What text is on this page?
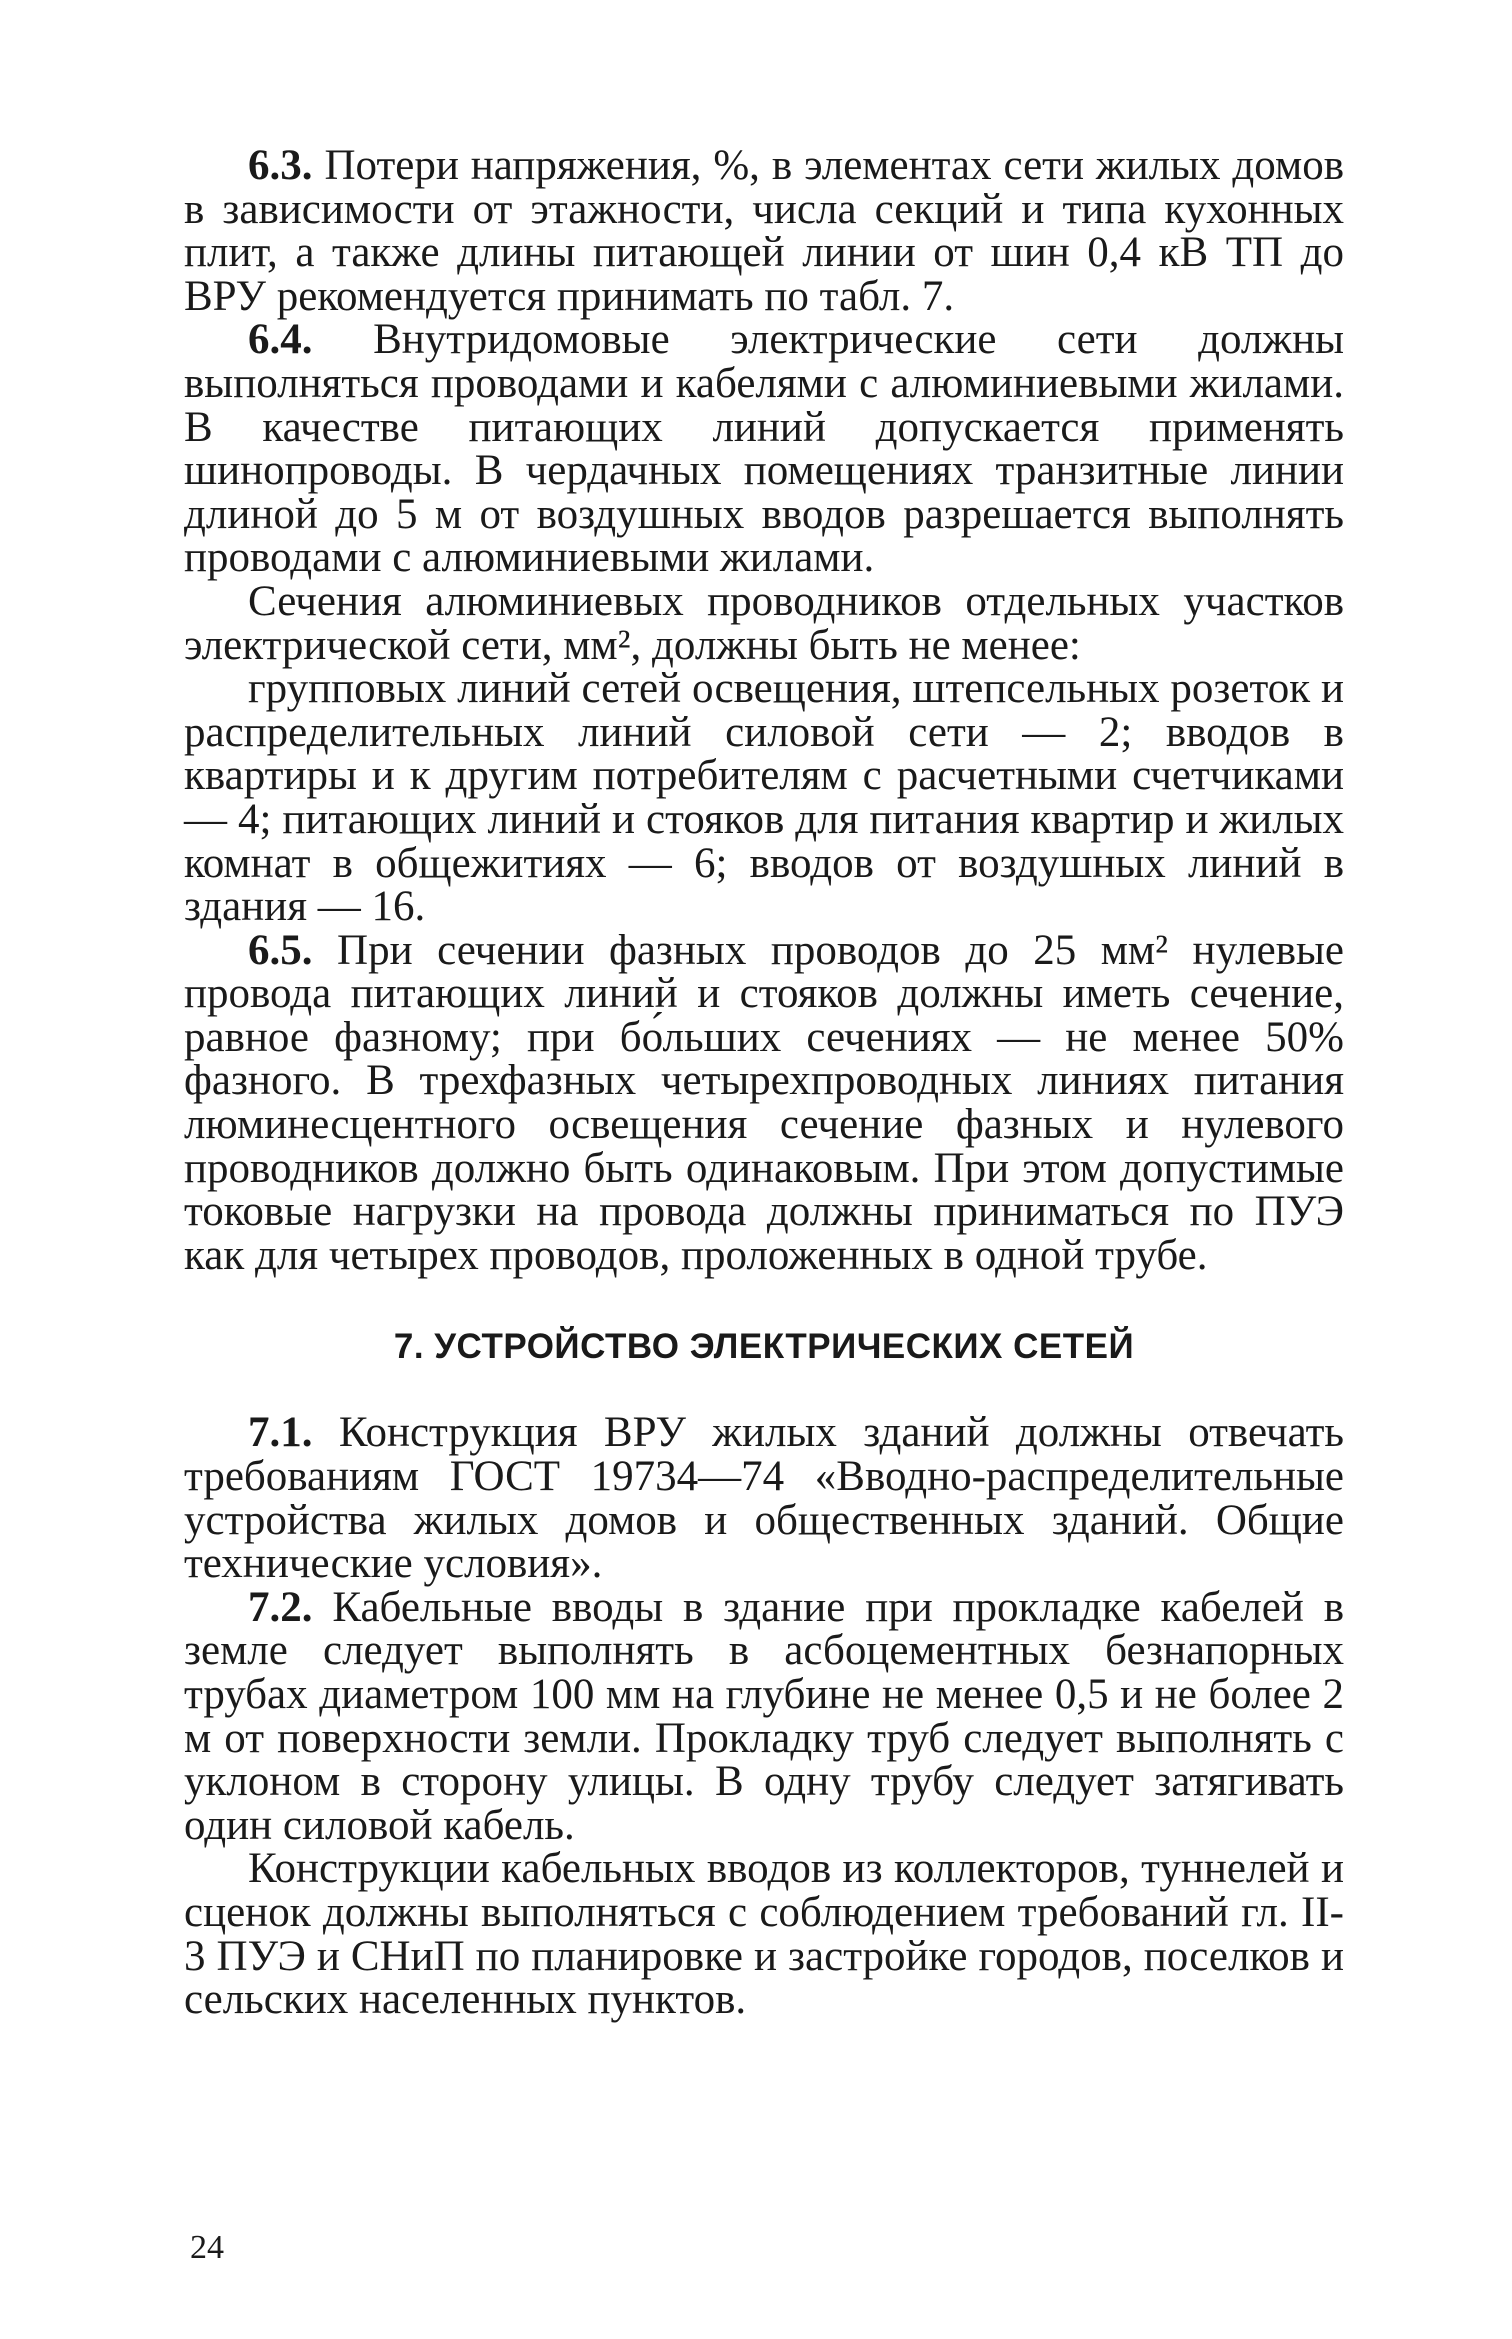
6.3. Потери напряжения, %, в элементах сети жилых домов в зависимости от этажности, числа секций и типа кухонных плит, а также длины питающей линии от шин 0,4 кВ ТП до ВРУ рекомендуется принимать по табл. 7.

6.4. Внутридомовые электрические сети должны выполняться проводами и кабелями с алюминиевыми жилами. В качестве питающих линий допускается применять шинопроводы. В чердачных помещениях транзитные линии длиной до 5 м от воздушных вводов разрешается выполнять проводами с алюминиевыми жилами.

Сечения алюминиевых проводников отдельных участков электрической сети, мм², должны быть не менее:

групповых линий сетей освещения, штепсельных розеток и распределительных линий силовой сети — 2; вводов в квартиры и к другим потребителям с расчетными счетчиками — 4; питающих линий и стояков для питания квартир и жилых комнат в общежитиях — 6; вводов от воздушных линий в здания — 16.

6.5. При сечении фазных проводов до 25 мм² нулевые провода питающих линий и стояков должны иметь сечение, равное фазному; при бо́льших сечениях — не менее 50% фазного. В трехфазных четырехпроводных линиях питания люминесцентного освещения сечение фазных и нулевого проводников должно быть одинаковым. При этом допустимые токовые нагрузки на провода должны приниматься по ПУЭ как для четырех проводов, проложенных в одной трубе.

7. УСТРОЙСТВО ЭЛЕКТРИЧЕСКИХ СЕТЕЙ

7.1. Конструкция ВРУ жилых зданий должны отвечать требованиям ГОСТ 19734—74 «Вводно-распределительные устройства жилых домов и общественных зданий. Общие технические условия».

7.2. Кабельные вводы в здание при прокладке кабелей в земле следует выполнять в асбоцементных безнапорных трубах диаметром 100 мм на глубине не менее 0,5 и не более 2 м от поверхности земли. Прокладку труб следует выполнять с уклоном в сторону улицы. В одну трубу следует затягивать один силовой кабель.

Конструкции кабельных вводов из коллекторов, туннелей и сценок должны выполняться с соблюдением требований гл. II-3 ПУЭ и СНиП по планировке и застройке городов, поселков и сельских населенных пунктов.

24
